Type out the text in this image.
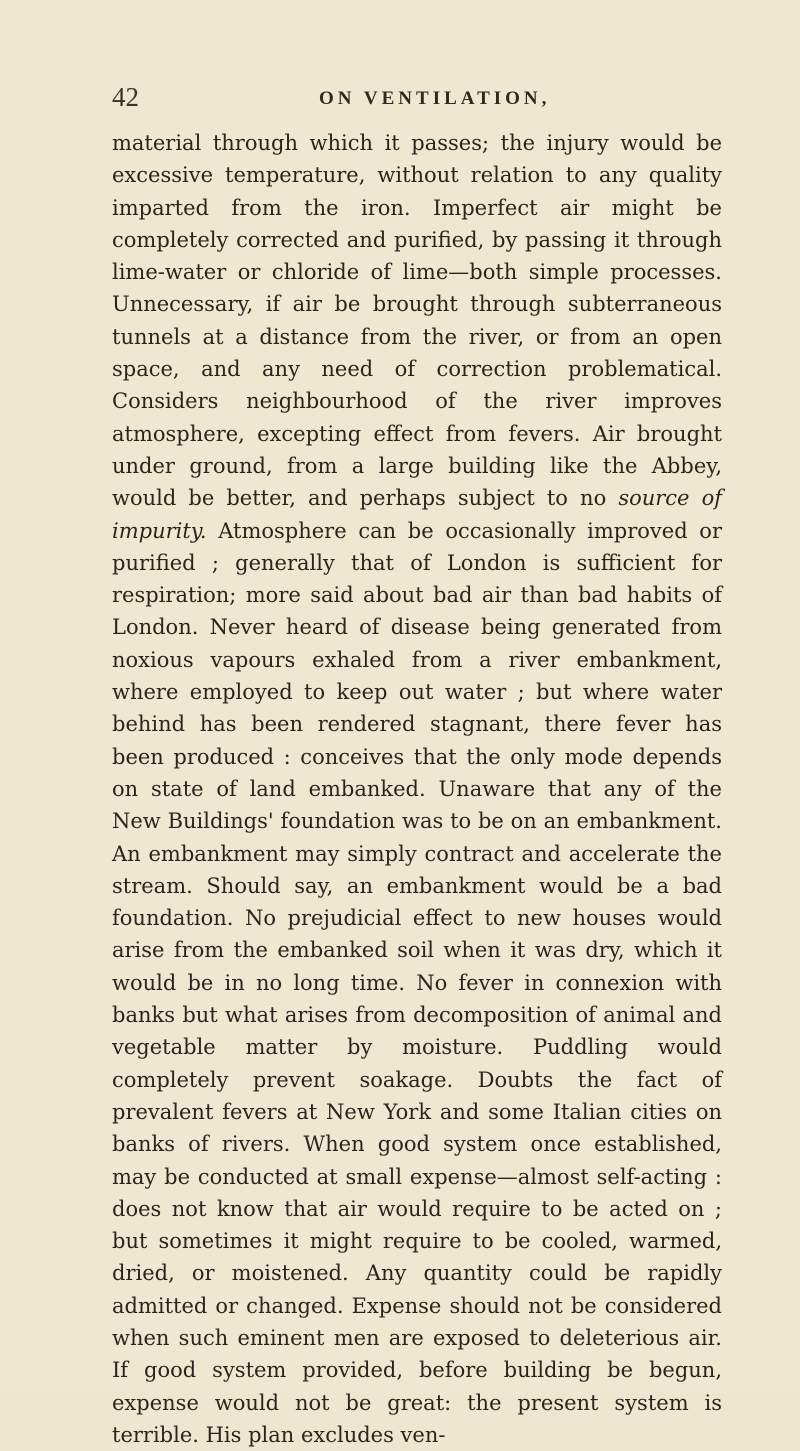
42	ON VENTILATION,

material through which it passes; the injury would be excessive temperature, without relation to any quality imparted from the iron. Imperfect air might be completely corrected and purified, by passing it through lime-water or chloride of lime—both simple processes. Unnecessary, if air be brought through subterraneous tunnels at a distance from the river, or from an open space, and any need of correction problematical. Considers neighbourhood of the river improves atmosphere, excepting effect from fevers. Air brought under ground, from a large building like the Abbey, would be better, and perhaps subject to no source of impurity. Atmosphere can be occasionally improved or purified ; generally that of London is sufficient for respiration; more said about bad air than bad habits of London. Never heard of disease being generated from noxious vapours exhaled from a river embankment, where employed to keep out water ; but where water behind has been rendered stagnant, there fever has been produced : conceives that the only mode depends on state of land embanked. Unaware that any of the New Buildings' foundation was to be on an embankment. An embankment may simply contract and accelerate the stream. Should say, an embankment would be a bad foundation. No prejudicial effect to new houses would arise from the embanked soil when it was dry, which it would be in no long time. No fever in connexion with banks but what arises from decomposition of animal and vegetable matter by moisture. Puddling would completely prevent soakage. Doubts the fact of prevalent fevers at New York and some Italian cities on banks of rivers. When good system once established, may be conducted at small expense—almost self-acting : does not know that air would require to be acted on ; but sometimes it might require to be cooled, warmed, dried, or moistened. Any quantity could be rapidly admitted or changed. Expense should not be considered when such eminent men are exposed to deleterious air. If good system provided, before building be begun, expense would not be great: the present system is terrible. His plan excludes ven-
